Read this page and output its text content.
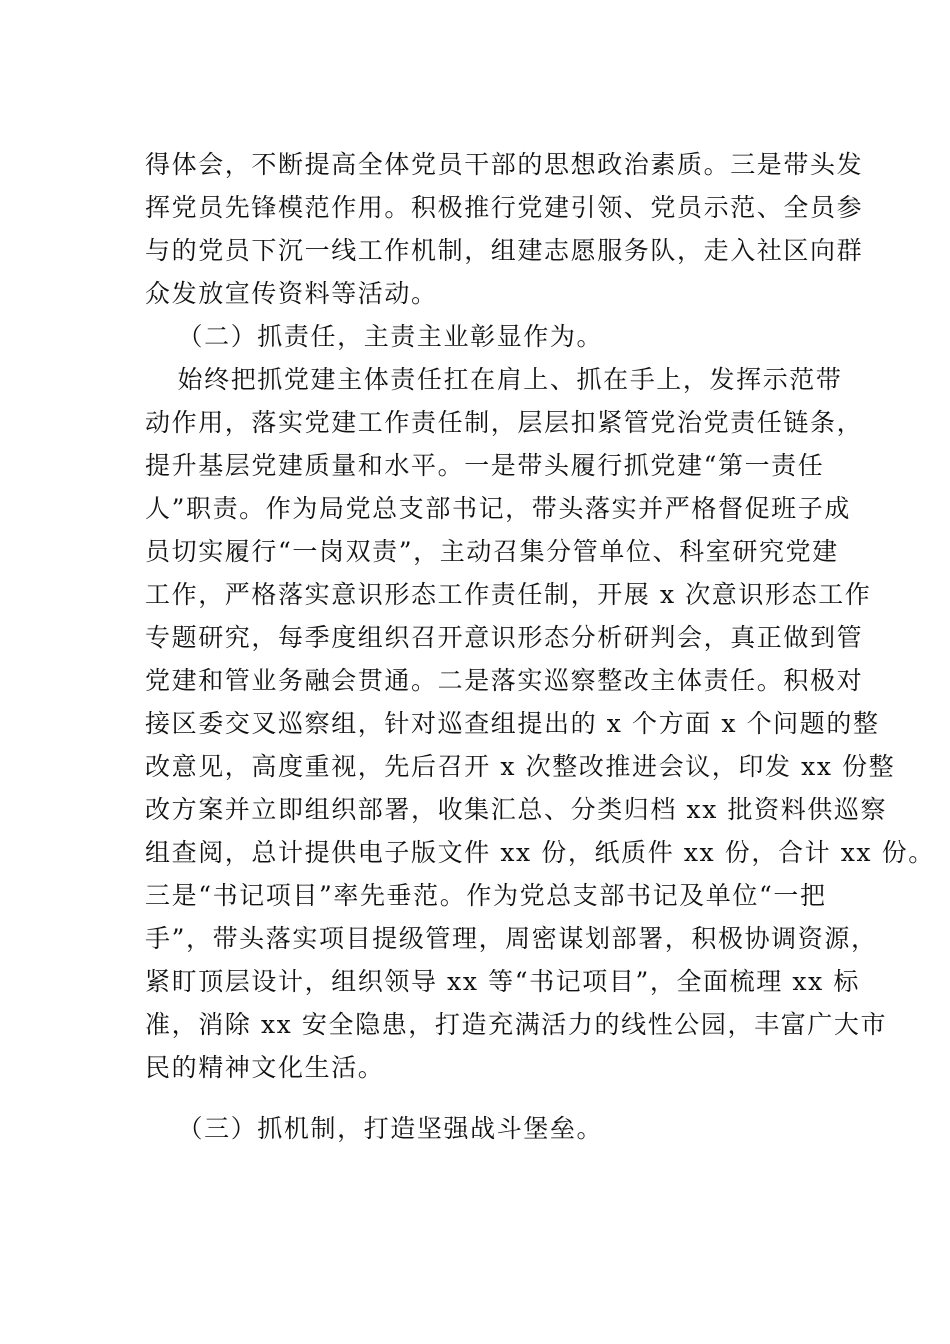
得体会，不断提高全体党员干部的思想政治素质。三是带头发
挥党员先锋模范作用。积极推行党建引领、党员示范、全员参
与的党员下沉一线工作机制，组建志愿服务队，走入社区向群
众发放宣传资料等活动。
（二）抓责任，主责主业彰显作为。
始终把抓党建主体责任扛在肩上、抓在手上，发挥示范带
动作用，落实党建工作责任制，层层扣紧管党治党责任链条，
提升基层党建质量和水平。一是带头履行抓党建“第一责任
人”职责。作为局党总支部书记，带头落实并严格督促班子成
员切实履行“一岗双责”，主动召集分管单位、科室研究党建
工作，严格落实意识形态工作责任制，开展 x 次意识形态工作
专题研究，每季度组织召开意识形态分析研判会，真正做到管
党建和管业务融会贯通。二是落实巡察整改主体责任。积极对
接区委交叉巡察组，针对巡查组提出的 x 个方面 x 个问题的整
改意见，高度重视，先后召开 x 次整改推进会议，印发 xx 份整
改方案并立即组织部署，收集汇总、分类归档 xx 批资料供巡察
组查阅，总计提供电子版文件 xx 份，纸质件 xx 份，合计 xx 份。
三是“书记项目”率先垂范。作为党总支部书记及单位“一把
手”，带头落实项目提级管理，周密谋划部署，积极协调资源，
紧盯顶层设计，组织领导 xx 等“书记项目”，全面梳理 xx 标
准，消除 xx 安全隐患，打造充满活力的线性公园，丰富广大市
民的精神文化生活。
（三）抓机制，打造坚强战斗堡垒。
